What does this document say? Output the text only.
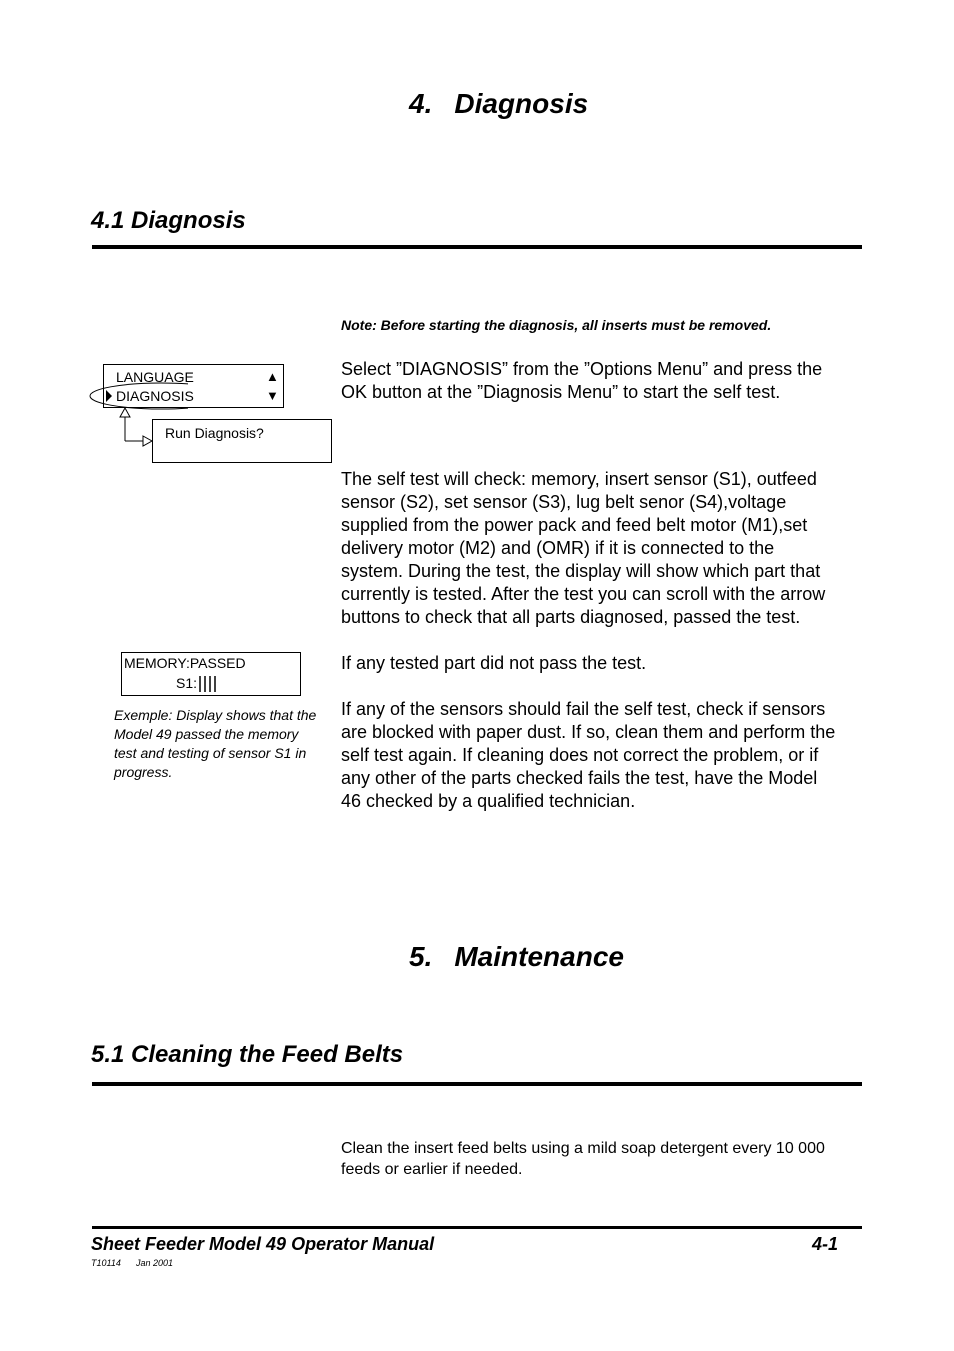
4. Diagnosis
4.1 Diagnosis
Note: Before starting the diagnosis, all inserts must be removed.
Select ”DIAGNOSIS” from the ”Options Menu” and press the OK button at the ”Diagnosis Menu” to start the self test.
LANGUAGE
DIAGNOSIS
▲
▼
Run Diagnosis?
The self test will check: memory, insert sensor (S1), outfeed sensor (S2), set sensor (S3), lug belt senor (S4),voltage supplied from the power pack and feed belt motor (M1),set delivery motor (M2) and (OMR) if it is connected to the system. During the test, the display will show which part that currently is tested. After the test you can scroll with the arrow buttons to check that all parts diagnosed, passed the test.
MEMORY:PASSED
S1:
Exemple: Display shows that the Model 49 passed the memory test and testing of sensor S1 in progress.
If any tested part did not pass the test.
If any of the sensors should fail the self test, check if sensors are blocked with paper dust. If so, clean them and perform the self test again. If cleaning does not correct the problem, or if any other of the parts checked fails the test, have the Model 46 checked by a qualified technician.
5. Maintenance
5.1 Cleaning the Feed Belts
Clean the insert feed belts using a mild soap detergent every 10 000 feeds or earlier if needed.
Sheet Feeder Model 49 Operator Manual	4-1
T10114 Jan 2001
